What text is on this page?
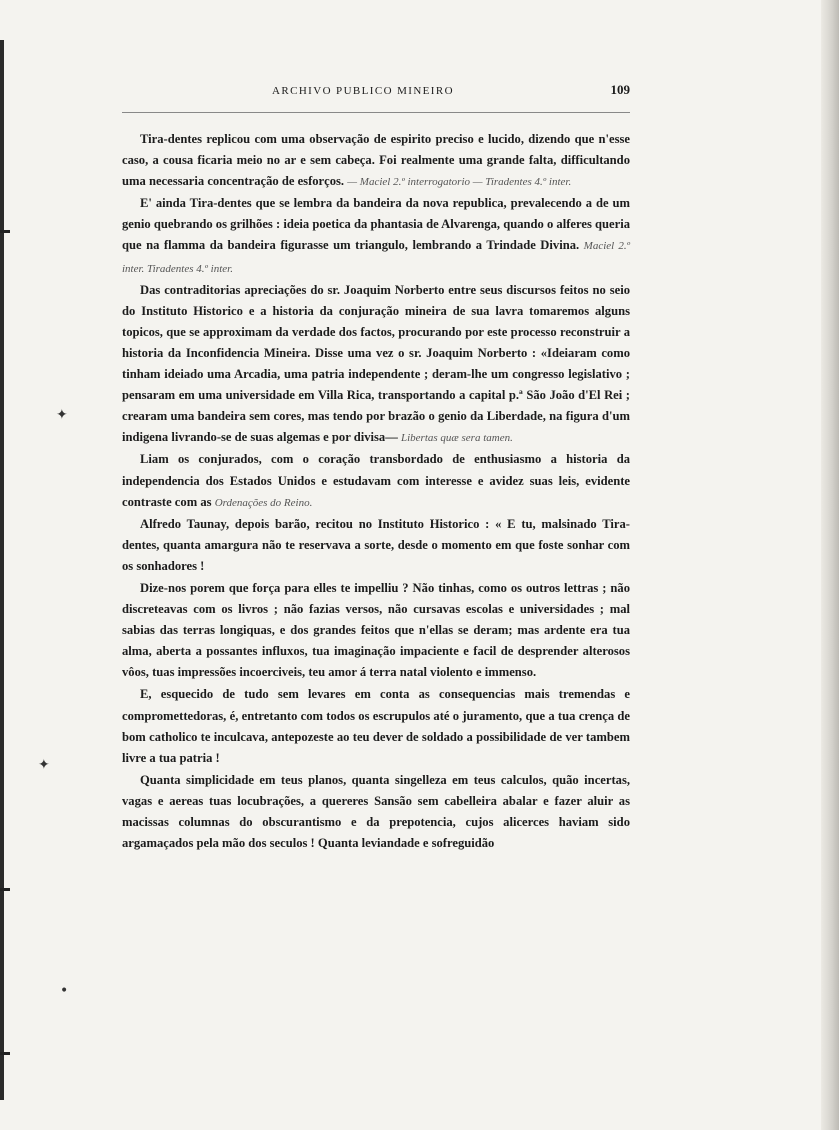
✦
✦
•
ARCHIVO PUBLICO MINEIRO	109

Tira-dentes replicou com uma observação de espirito preciso e lucido, dizendo que n'esse caso, a cousa ficaria meio no ar e sem cabeça. Foi realmente uma grande falta, difficultando uma necessaria concentração de esforços. — Maciel 2.º interrogatorio — Tiradentes 4.º inter.

E' ainda Tira-dentes que se lembra da bandeira da nova republica, prevalecendo a de um genio quebrando os grilhões : ideia poetica da phantasia de Alvarenga, quando o alferes queria que na flamma da bandeira figurasse um triangulo, lembrando a Trindade Divina. Maciel 2.º inter. Tiradentes 4.º inter.

Das contraditorias apreciações do sr. Joaquim Norberto entre seus discursos feitos no seio do Instituto Historico e a historia da conjuração mineira de sua lavra tomaremos alguns topicos, que se approximam da verdade dos factos, procurando por este processo reconstruir a historia da Inconfidencia Mineira. Disse uma vez o sr. Joaquim Norberto : «Ideiaram como tinham ideiado uma Arcadia, uma patria independente ; deram-lhe um congresso legislativo ; pensaram em uma universidade em Villa Rica, transportando a capital p.ª São João d'El Rei ; crearam uma bandeira sem cores, mas tendo por brazão o genio da Liberdade, na figura d'um indigena livrando-se de suas algemas e por divisa— Libertas quæ sera tamen.

Liam os conjurados, com o coração transbordado de enthusiasmo a historia da independencia dos Estados Unidos e estudavam com interesse e avidez suas leis, evidente contraste com as Ordenações do Reino.

Alfredo Taunay, depois barão, recitou no Instituto Historico : « E tu, malsinado Tira-dentes, quanta amargura não te reservava a sorte, desde o momento em que foste sonhar com os sonhadores !

Dize-nos porem que força para elles te impelliu ? Não tinhas, como os outros lettras ; não discreteavas com os livros ; não fazias versos, não cursavas escolas e universidades ; mal sabias das terras longiquas, e dos grandes feitos que n'ellas se deram; mas ardente era tua alma, aberta a possantes influxos, tua imaginação impaciente e facil de desprender alterosos vôos, tuas impressões incoerciveis, teu amor á terra natal violento e immenso.

E, esquecido de tudo sem levares em conta as consequencias mais tremendas e compromettedoras, é, entretanto com todos os escrupulos até o juramento, que a tua crença de bom catholico te inculcava, antepozeste ao teu dever de soldado a possibilidade de ver tambem livre a tua patria !

Quanta simplicidade em teus planos, quanta singelleza em teus calculos, quão incertas, vagas e aereas tuas locubrações, a quereres Sansão sem cabelleira abalar e fazer aluir as macissas columnas do obscurantismo e da prepotencia, cujos alicerces haviam sido argamaçados pela mão dos seculos ! Quanta leviandade e sofreguidão
